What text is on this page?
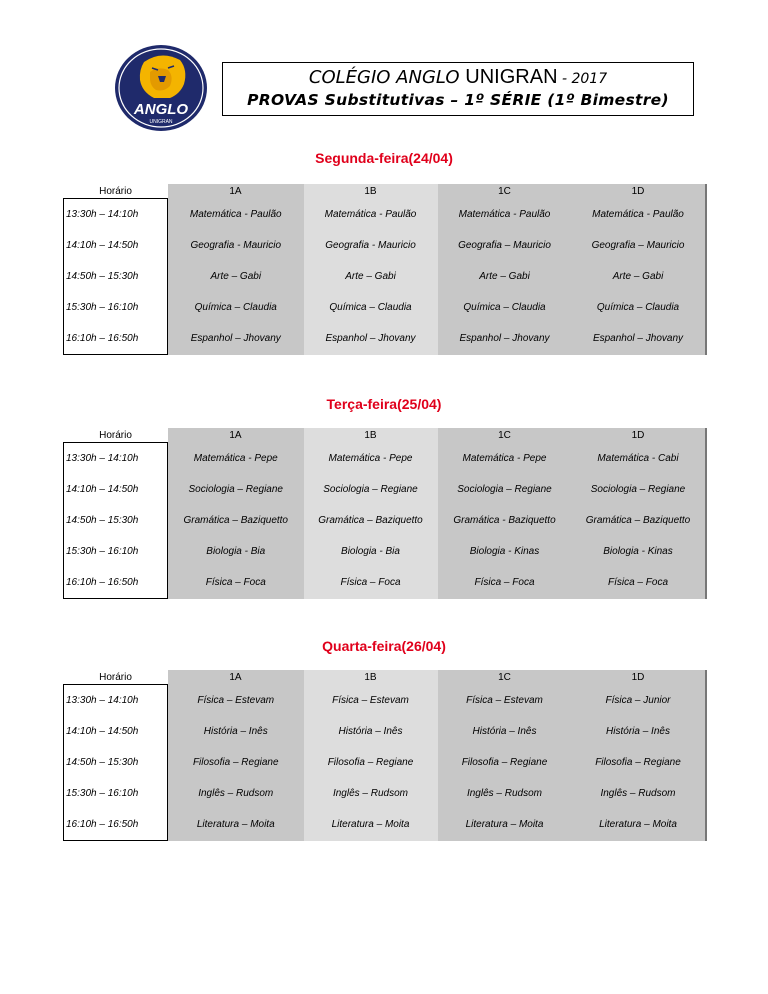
ANGLO
UNIGRAN
COLÉGIO ANGLO UNIGRAN - 2017
PROVAS Substitutivas – 1º SÉRIE (1º Bimestre)
Segunda-feira(24/04)
Terça-feira(25/04)
Quarta-feira(26/04)
Horário	1A	1B	1C	1D
13:30h – 14:10h	Matemática - Paulão	Matemática - Paulão	Matemática - Paulão	Matemática - Paulão
14:10h – 14:50h	Geografia - Mauricio	Geografia - Mauricio	Geografia – Mauricio	Geografia – Mauricio
14:50h – 15:30h	Arte – Gabi	Arte – Gabi	Arte – Gabi	Arte – Gabi
15:30h – 16:10h	Química – Claudia	Química – Claudia	Química – Claudia	Química – Claudia
16:10h – 16:50h	Espanhol – Jhovany	Espanhol – Jhovany	Espanhol – Jhovany	Espanhol – Jhovany
Horário	1A	1B	1C	1D
13:30h – 14:10h	Matemática - Pepe	Matemática - Pepe	Matemática - Pepe	Matemática - Cabi
14:10h – 14:50h	Sociologia – Regiane	Sociologia – Regiane	Sociologia – Regiane	Sociologia – Regiane
14:50h – 15:30h	Gramática – Baziquetto	Gramática – Baziquetto	Gramática - Baziquetto	Gramática – Baziquetto
15:30h – 16:10h	Biologia - Bia	Biologia - Bia	Biologia - Kinas	Biologia - Kinas
16:10h – 16:50h	Física – Foca	Física – Foca	Física – Foca	Física – Foca
Horário	1A	1B	1C	1D
13:30h – 14:10h	Física – Estevam	Física – Estevam	Física – Estevam	Física – Junior
14:10h – 14:50h	História – Inês	História – Inês	História – Inês	História – Inês
14:50h – 15:30h	Filosofia – Regiane	Filosofia – Regiane	Filosofia – Regiane	Filosofia – Regiane
15:30h – 16:10h	Inglês – Rudsom	Inglês – Rudsom	Inglês – Rudsom	Inglês – Rudsom
16:10h – 16:50h	Literatura – Moita	Literatura – Moita	Literatura – Moita	Literatura – Moita
